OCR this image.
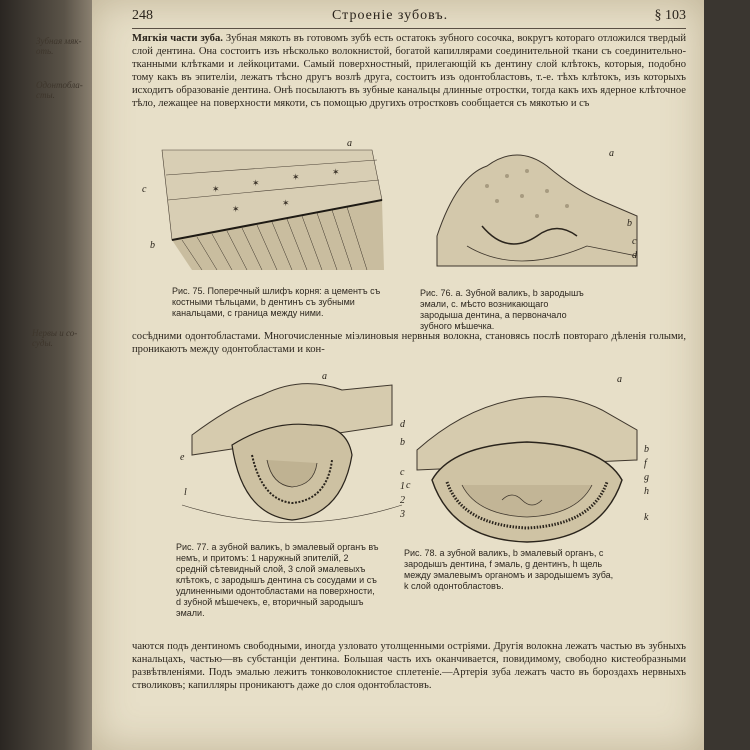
248	Строеніе зубовъ.	§ 103
Зубная мякоть.
Одонтобласты.
Нервы и сосуды.

Мягкія части зуба. Зубная мякоть въ готовомъ зубѣ есть остатокъ зубного сосочка, вокругъ котораго отложился твердый слой дентина. Она состоитъ изъ нѣсколько волокнистой, богатой капиллярами соединительной ткани съ соединительно-тканными клѣтками и лейкоцитами. Самый поверхностный, прилегающій къ дентину слой клѣтокъ, которыя, подобно тому какъ въ эпителіи, лежатъ тѣсно другъ возлѣ друга, состоитъ изъ одонтобластовъ, т.-е. тѣхъ клѣтокъ, изъ которыхъ исходитъ образованіе дентина. Онѣ посылаютъ въ зубные канальцы длинные отростки, тогда какъ ихъ ядерное клѣточное тѣло, лежащее на поверхности мякоти, съ помощью другихъ отростковъ сообщается съ мякотью и съ

✶
✶
✶	✶
✶
✶
a
c
b
a
b
c
d
Рис. 75. Поперечный шлифъ корня: а цементъ съ костными тѣльцами, b дентинъ съ зубными канальцами, c граница между ними.
Рис. 76. а. Зубной валикъ, b зародышъ эмали, c. мѣсто возникающаго зародыша дентина, а первоначало зубного мѣшечка.

сосѣдними одонтобластами. Многочисленные мiэлиновыя нервныя волокна, становясь послѣ повтораго дѣленія голыми, проникаютъ между одонтобластами и кон-

a
e
b
c
d
1
2
3
l
a
b
f
g
h
c
k
Рис. 77. a зубной валикъ, b эмалевый органъ въ немъ, и притомъ: 1 наружный эпителій, 2 средній сѣтевидный слой, 3 слой эмалевыхъ клѣтокъ, с зародышъ дентина съ сосудами и съ удлиненными одонтобластами на поверхности, d зубной мѣшечекъ, e, вторичный зародышъ эмали.
Рис. 78. а зубной валикъ, b эмалевый органъ, c зародышъ дентина, f эмаль, g дентинъ, h щель между эмалевымъ органомъ и зародышемъ зуба, k слой одонтобластовъ.

чаются подъ дентиномъ свободными, иногда узловато утолщенными остріями. Другія волокна лежатъ частью въ зубныхъ канальцахъ, частью—въ субстанціи дентина. Большая часть ихъ оканчивается, повидимому, свободно кистеобразными развѣтвленіями. Подъ эмалью лежитъ тонковолокнистое сплетеніе.—Артерія зуба лежатъ часто въ бороздахъ нервныхъ стволиковъ; капилляры проникаютъ даже до слоя одонтобластовъ.
